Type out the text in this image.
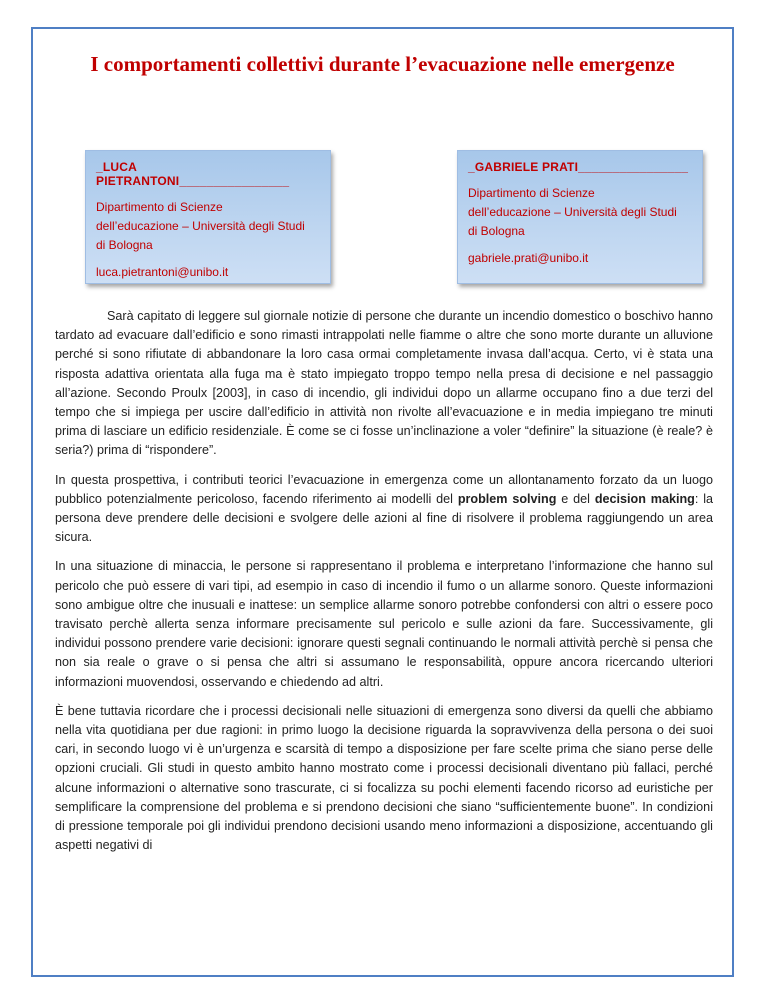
I comportamenti collettivi durante l’evacuazione nelle emergenze
_LUCA PIETRANTONI________________
Dipartimento di Scienze
dell’educazione – Università degli Studi
di Bologna
luca.pietrantoni@unibo.it
_GABRIELE PRATI________________
Dipartimento di Scienze
dell’educazione – Università degli Studi
di Bologna
gabriele.prati@unibo.it

Sarà capitato di leggere sul giornale notizie di persone che durante un incendio domestico o boschivo hanno tardato ad evacuare dall’edificio e sono rimasti intrappolati nelle fiamme o altre che sono morte durante un alluvione perché si sono rifiutate di abbandonare la loro casa ormai completamente invasa dall’acqua. Certo, vi è stata una risposta adattiva orientata alla fuga ma è stato impiegato troppo tempo nella presa di decisione e nel passaggio all’azione. Secondo Proulx [2003], in caso di incendio, gli individui dopo un allarme occupano fino a due terzi del tempo che si impiega per uscire dall’edificio in attività non rivolte all’evacuazione e in media impiegano tre minuti prima di lasciare un edificio residenziale. È come se ci fosse un’inclinazione a voler “definire” la situazione (è reale? è seria?) prima di “rispondere”.

In questa prospettiva, i contributi teorici l’evacuazione in emergenza come un allontanamento forzato da un luogo pubblico potenzialmente pericoloso, facendo riferimento ai modelli del problem solving e del decision making: la persona deve prendere delle decisioni e svolgere delle azioni al fine di risolvere il problema raggiungendo un area sicura.

In una situazione di minaccia, le persone si rappresentano il problema e interpretano l’informazione che hanno sul pericolo che può essere di vari tipi, ad esempio in caso di incendio il fumo o un allarme sonoro. Queste informazioni sono ambigue oltre che inusuali e inattese: un semplice allarme sonoro potrebbe confondersi con altri o essere poco travisato perchè allerta senza informare precisamente sul pericolo e sulle azioni da fare. Successivamente, gli individui possono prendere varie decisioni: ignorare questi segnali continuando le normali attività perchè si pensa che non sia reale o grave o si pensa che altri si assumano le responsabilità, oppure ancora ricercando ulteriori informazioni muovendosi, osservando e chiedendo ad altri.

È bene tuttavia ricordare che i processi decisionali nelle situazioni di emergenza sono diversi da quelli che abbiamo nella vita quotidiana per due ragioni: in primo luogo la decisione riguarda la sopravvivenza della persona o dei suoi cari, in secondo luogo vi è un’urgenza e scarsità di tempo a disposizione per fare scelte prima che siano perse delle opzioni cruciali. Gli studi in questo ambito hanno mostrato come i processi decisionali diventano più fallaci, perché alcune informazioni o alternative sono trascurate, ci si focalizza su pochi elementi facendo ricorso ad euristiche per semplificare la comprensione del problema e si prendono decisioni che siano “sufficientemente buone”. In condizioni di pressione temporale poi gli individui prendono decisioni usando meno informazioni a disposizione, accentuando gli aspetti negativi di
